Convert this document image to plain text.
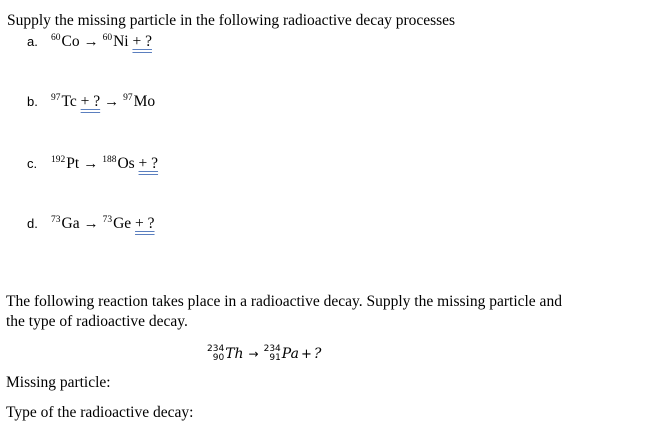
Supply the missing particle in the following radioactive decay processes
a. $^{60}$Co → $^{60}$Ni + ?
b. $^{97}$Tc + ? → $^{97}$Mo
c. $^{192}$Pt → $^{188}$Os + ?
d. $^{73}$Ga → $^{73}$Ge + ?
The following reaction takes place in a radioactive decay. Supply the missing particle and
the type of radioactive decay.
234
90 Th → 234
91 Pa + ?
Missing particle:
Type of the radioactive decay:
